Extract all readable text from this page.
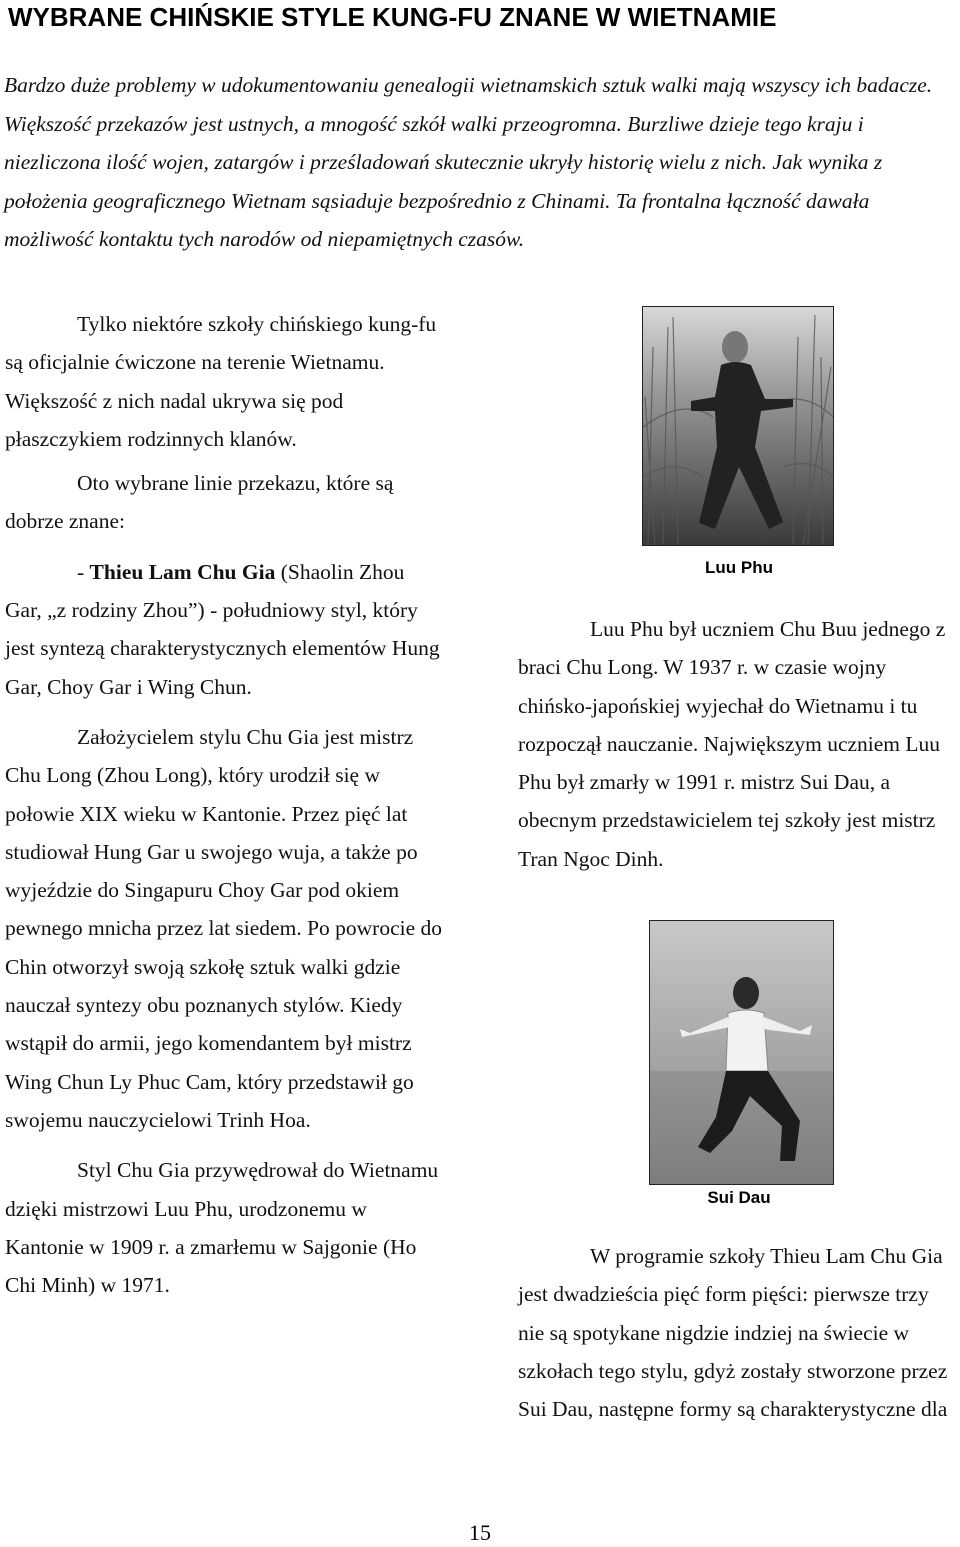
WYBRANE CHIŃSKIE STYLE KUNG-FU ZNANE W WIETNAMIE

Bardzo duże problemy w udokumentowaniu genealogii wietnamskich sztuk walki mają wszyscy ich badacze. Większość przekazów jest ustnych, a mnogość szkół walki przeogromna. Burzliwe dzieje tego kraju i niezliczona ilość wojen, zatargów i prześladowań skutecznie ukryły historię wielu z nich. Jak wynika z położenia geograficznego Wietnam sąsiaduje bezpośrednio z Chinami. Ta frontalna łączność dawała możliwość kontaktu tych narodów od niepamiętnych czasów.

Tylko niektóre szkoły chińskiego kung-fu są oficjalnie ćwiczone na terenie Wietnamu. Większość z nich nadal ukrywa się pod płaszczykiem rodzinnych klanów.

Oto wybrane linie przekazu, które są dobrze znane:

- Thieu Lam Chu Gia (Shaolin Zhou Gar, „z rodziny Zhou”) - południowy styl, który jest syntezą charakterystycznych elementów Hung Gar, Choy Gar i Wing Chun.

Założycielem stylu Chu Gia jest mistrz Chu Long (Zhou Long), który urodził się w połowie XIX wieku w Kantonie. Przez pięć lat studiował Hung Gar u swojego wuja, a także po wyjeździe do Singapuru Choy Gar pod okiem pewnego mnicha przez lat siedem. Po powrocie do Chin otworzył swoją szkołę sztuk walki gdzie nauczał syntezy obu poznanych stylów. Kiedy wstąpił do armii, jego komendantem był mistrz Wing Chun Ly Phuc Cam, który przedstawił go swojemu nauczycielowi Trinh Hoa.

Styl Chu Gia przywędrował do Wietnamu dzięki mistrzowi Luu Phu, urodzonemu w Kantonie w 1909 r. a zmarłemu w Sajgonie (Ho Chi Minh) w 1971.

Luu Phu

Luu Phu był uczniem Chu Buu jednego z braci Chu Long. W 1937 r. w czasie wojny chińsko-japońskiej wyjechał do Wietnamu i tu rozpoczął nauczanie. Największym uczniem Luu Phu był zmarły w 1991 r. mistrz Sui Dau, a obecnym przedstawicielem tej szkoły jest mistrz Tran Ngoc Dinh.

Sui Dau

W programie szkoły Thieu Lam Chu Gia jest dwadzieścia pięć form pięści: pierwsze trzy nie są spotykane nigdzie indziej na świecie w szkołach tego stylu, gdyż zostały stworzone przez Sui Dau, następne formy są charakterystyczne dla

15
